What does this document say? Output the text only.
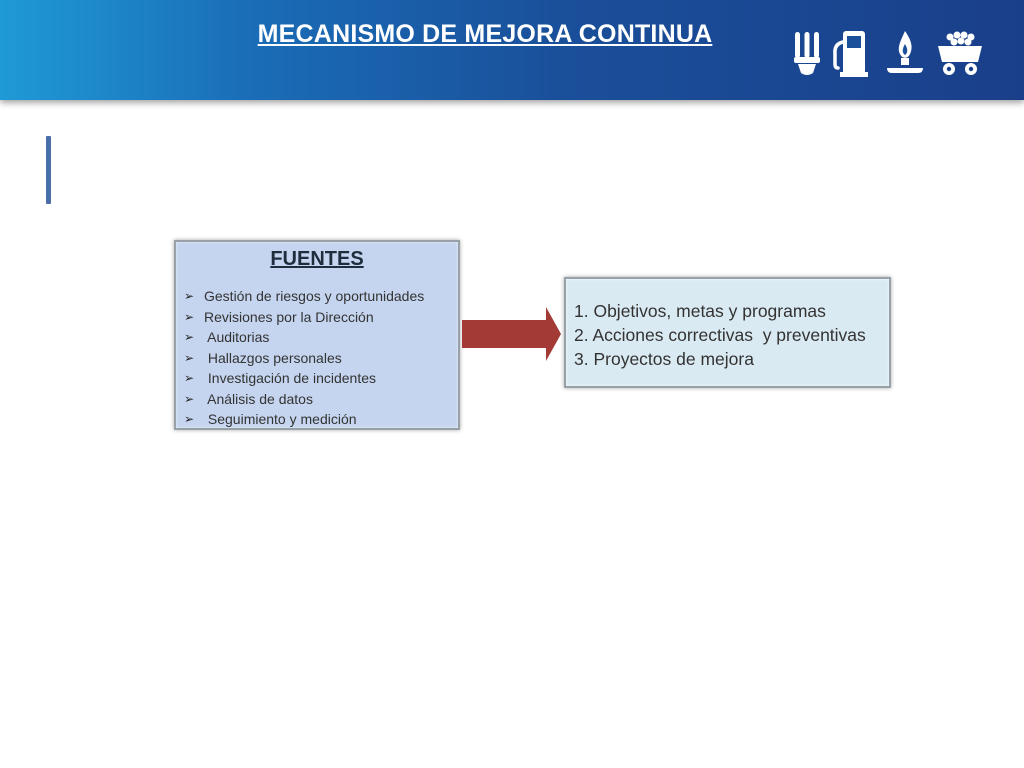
MECANISMO DE MEJORA CONTINUA
FUENTES
➢ Gestión de riesgos y oportunidades
➢ Revisiones por la Dirección
➢ Auditorias
➢ Hallazgos personales
➢ Investigación de incidentes
➢ Análisis de datos
➢ Seguimiento y medición
1. Objetivos, metas y programas
2. Acciones correctivas  y preventivas
3. Proyectos de mejora
